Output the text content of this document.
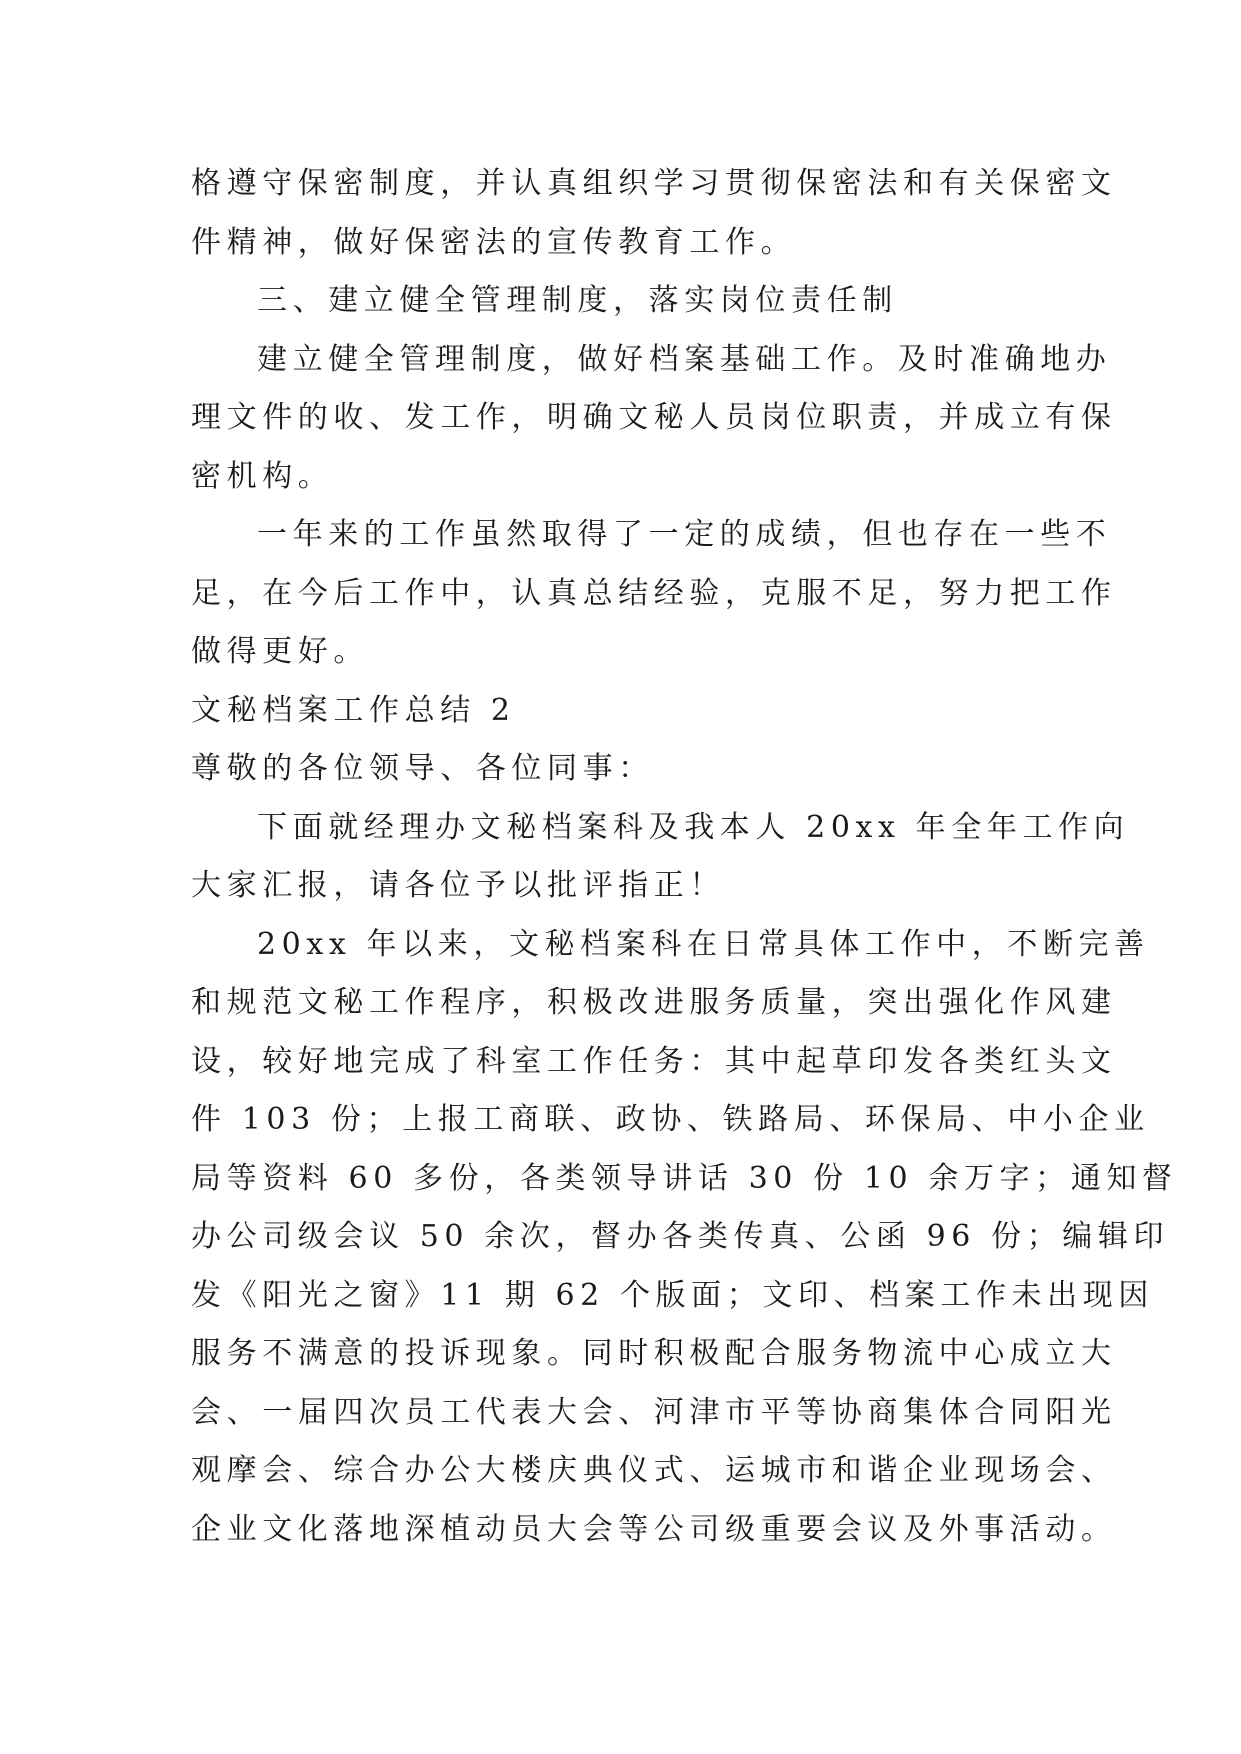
格遵守保密制度，并认真组织学习贯彻保密法和有关保密文
件精神，做好保密法的宣传教育工作。
三、建立健全管理制度，落实岗位责任制
建立健全管理制度，做好档案基础工作。及时准确地办
理文件的收、发工作，明确文秘人员岗位职责，并成立有保
密机构。
一年来的工作虽然取得了一定的成绩，但也存在一些不
足，在今后工作中，认真总结经验，克服不足，努力把工作
做得更好。
文秘档案工作总结 2
尊敬的各位领导、各位同事：
下面就经理办文秘档案科及我本人 20xx 年全年工作向
大家汇报，请各位予以批评指正！
20xx 年以来，文秘档案科在日常具体工作中，不断完善
和规范文秘工作程序，积极改进服务质量，突出强化作风建
设，较好地完成了科室工作任务：其中起草印发各类红头文
件 103 份；上报工商联、政协、铁路局、环保局、中小企业
局等资料 60 多份，各类领导讲话 30 份 10 余万字；通知督
办公司级会议 50 余次，督办各类传真、公函 96 份；编辑印
发《阳光之窗》11 期 62 个版面；文印、档案工作未出现因
服务不满意的投诉现象。同时积极配合服务物流中心成立大
会、一届四次员工代表大会、河津市平等协商集体合同阳光
观摩会、综合办公大楼庆典仪式、运城市和谐企业现场会、
企业文化落地深植动员大会等公司级重要会议及外事活动。
